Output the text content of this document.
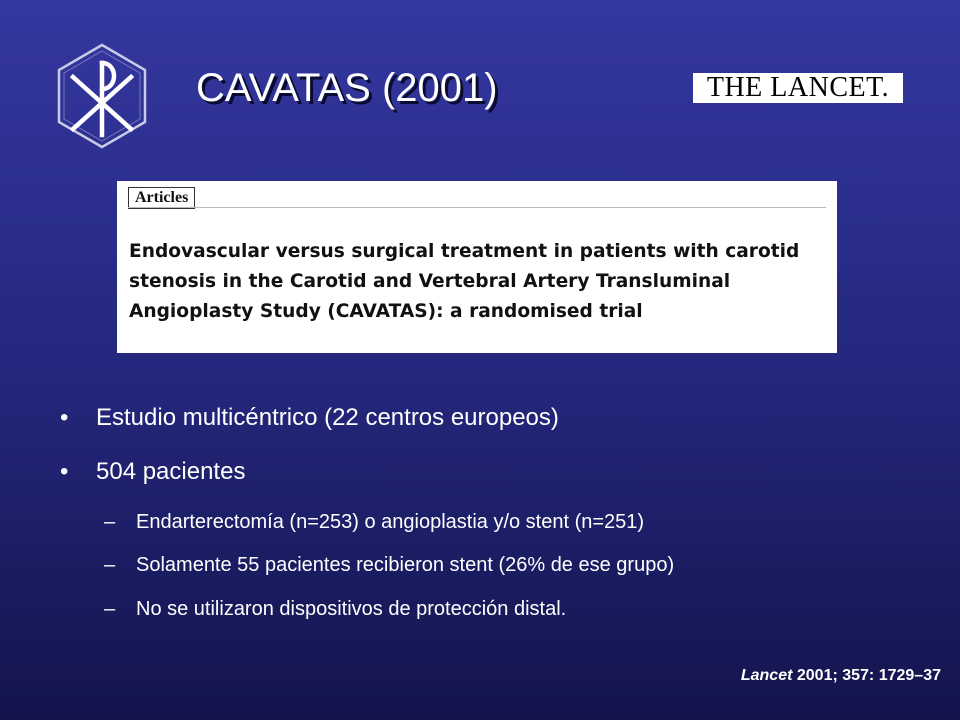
CAVATAS (2001)	THE LANCET.
Articles

Endovascular versus surgical treatment in patients with carotid stenosis in the Carotid and Vertebral Artery Transluminal Angioplasty Study (CAVATAS): a randomised trial

• Estudio multicéntrico (22 centros europeos)
• 504 pacientes
– Endarterectomía (n=253) o angioplastia y/o stent (n=251)
– Solamente 55 pacientes recibieron stent (26% de ese grupo)
– No se utilizaron dispositivos de protección distal.
Lancet 2001; 357: 1729–37
